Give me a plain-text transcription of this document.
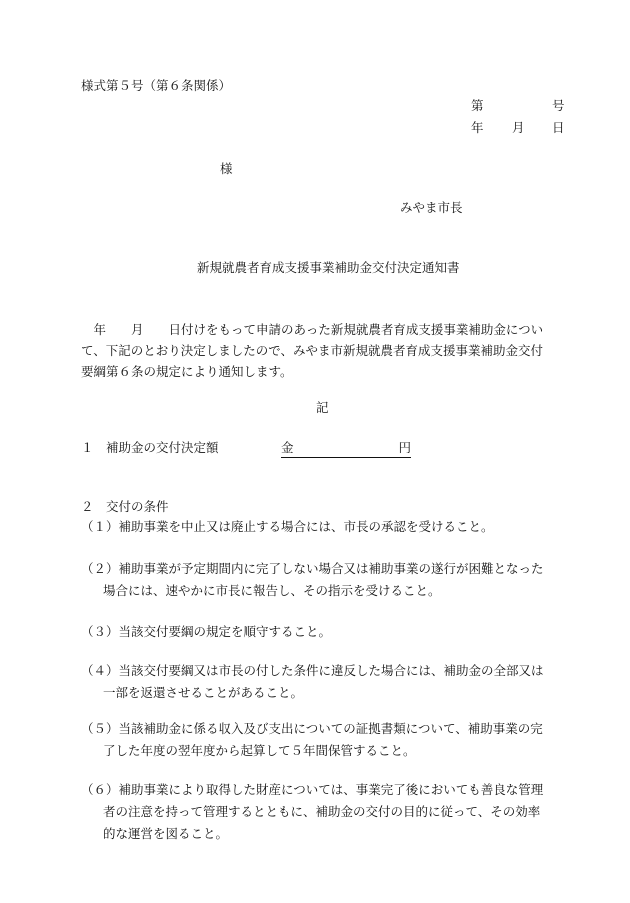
様式第５号（第６条関係）
第	号
年 月 日
様
みやま市長
新規就農者育成支援事業補助金交付決定通知書
　年　　月　　日付けをもって申請のあった新規就農者育成支援事業補助金につい
て、下記のとおり決定しましたので、みやま市新規就農者育成支援事業補助金交付
要綱第６条の規定により通知します。
記
１ 補助金の交付決定額	金	円
２ 交付の条件
（１）補助事業を中止又は廃止する場合には、市長の承認を受けること。
（２）補助事業が予定期間内に完了しない場合又は補助事業の遂行が困難となった
場合には、速やかに市長に報告し、その指示を受けること。
（３）当該交付要綱の規定を順守すること。
（４）当該交付要綱又は市長の付した条件に違反した場合には、補助金の全部又は
一部を返還させることがあること。
（５）当該補助金に係る収入及び支出についての証拠書類について、補助事業の完
了した年度の翌年度から起算して５年間保管すること。
（６）補助事業により取得した財産については、事業完了後においても善良な管理
者の注意を持って管理するとともに、補助金の交付の目的に従って、その効率
的な運営を図ること。
